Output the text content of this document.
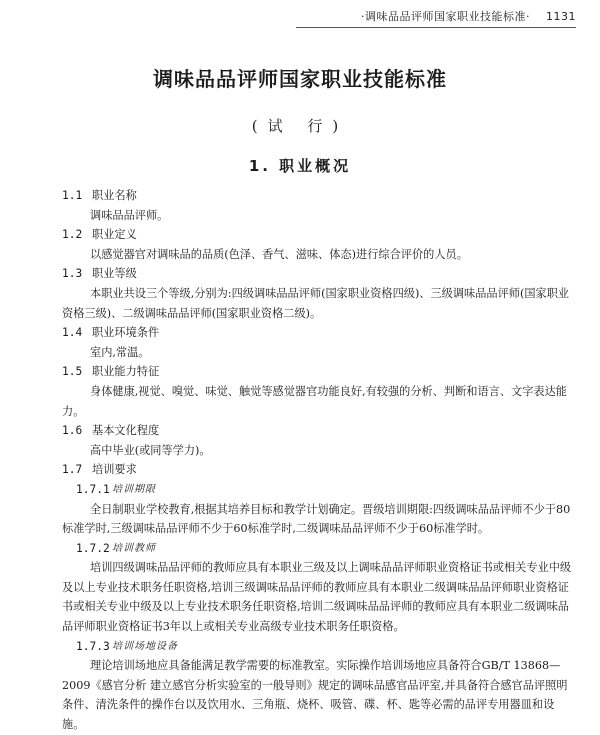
·调味品品评师国家职业技能标准· 1131
调味品品评师国家职业技能标准
(试 行)
1. 职业概况
1.1 职业名称
调味品品评师。
1.2 职业定义
以感觉器官对调味品的品质(色泽、香气、滋味、体态)进行综合评价的人员。
1.3 职业等级
本职业共设三个等级,分别为:四级调味品品评师(国家职业资格四级)、三级调味品品评师(国家职业资格三级)、二级调味品品评师(国家职业资格二级)。
1.4 职业环境条件
室内,常温。
1.5 职业能力特征
身体健康,视觉、嗅觉、味觉、触觉等感觉器官功能良好,有较强的分析、判断和语言、文字表达能力。
1.6 基本文化程度
高中毕业(或同等学力)。
1.7 培训要求
1.7.1 培训期限
全日制职业学校教育,根据其培养目标和教学计划确定。晋级培训期限:四级调味品品评师不少于80标准学时,三级调味品品评师不少于60标准学时,二级调味品品评师不少于60标准学时。
1.7.2 培训教师
培训四级调味品品评师的教师应具有本职业三级及以上调味品品评师职业资格证书或相关专业中级及以上专业技术职务任职资格,培训三级调味品品评师的教师应具有本职业二级调味品品评师职业资格证书或相关专业中级及以上专业技术职务任职资格,培训二级调味品品评师的教师应具有本职业二级调味品品评师职业资格证书3年以上或相关专业高级专业技术职务任职资格。
1.7.3 培训场地设备
理论培训场地应具备能满足教学需要的标准教室。实际操作培训场地应具备符合GB/T 13868—2009《感官分析 建立感官分析实验室的一般导则》规定的调味品感官品评室,并具备符合感官品评照明条件、清洗条件的操作台以及饮用水、三角瓶、烧杯、吸管、碟、杯、匙等必需的品评专用器皿和设施。
